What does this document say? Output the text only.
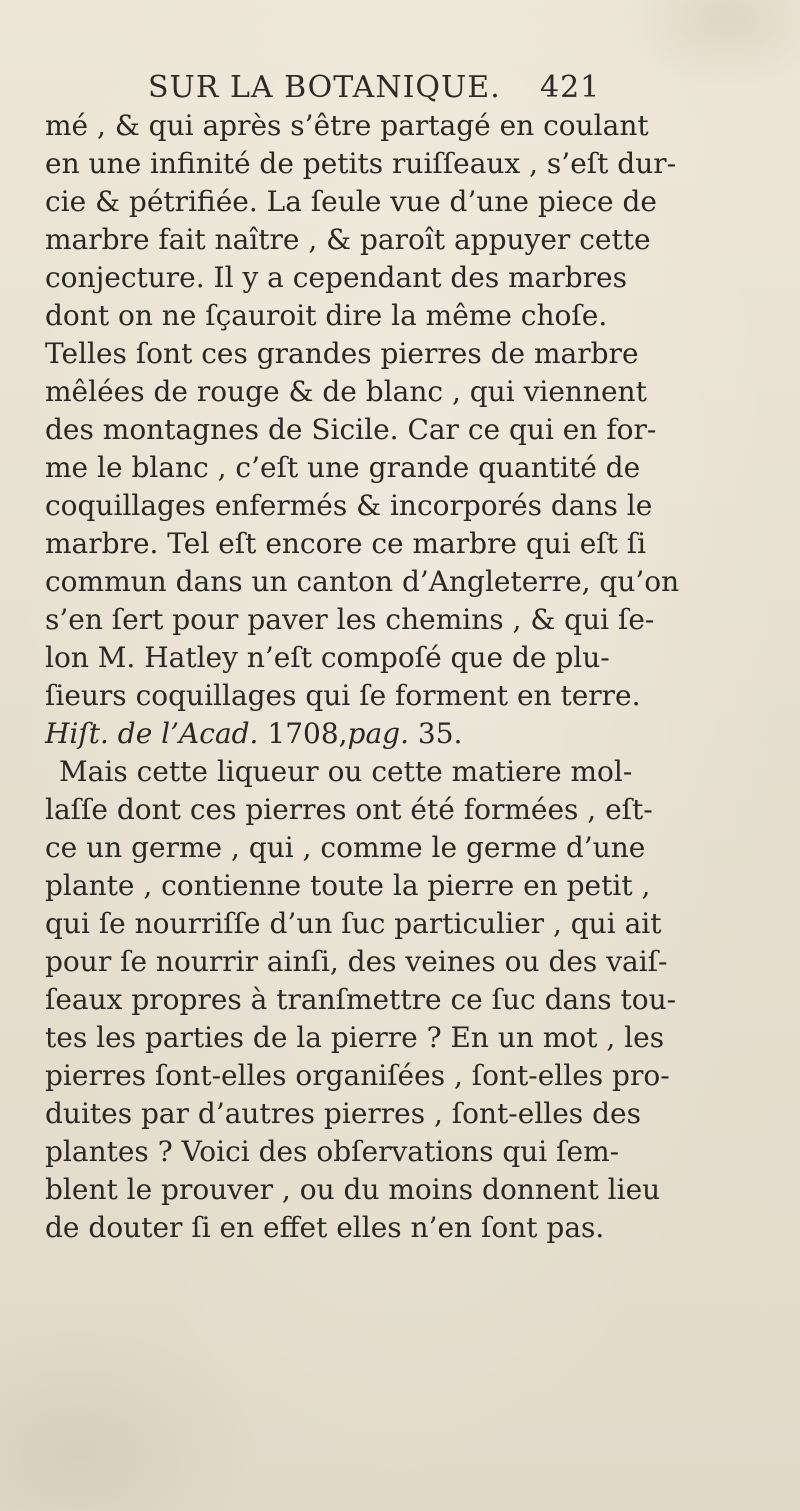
SUR LA BOTANIQUE. 421
mé , & qui après s’être partagé en coulant
en une infinité de petits ruiſſeaux , s’eſt dur-
cie & pétrifiée. La ſeule vue d’une piece de
marbre fait naître , & paroît appuyer cette
conjecture. Il y a cependant des marbres
dont on ne ſçauroit dire la même choſe.
Telles ſont ces grandes pierres de marbre
mêlées de rouge & de blanc , qui viennent
des montagnes de Sicile. Car ce qui en for-
me le blanc , c’eſt une grande quantité de
coquillages enfermés & incorporés dans le
marbre. Tel eſt encore ce marbre qui eſt ſi
commun dans un canton d’Angleterre, qu’on
s’en ſert pour paver les chemins , & qui ſe-
lon M. Hatley n’eſt compoſé que de plu-
ſieurs coquillages qui ſe forment en terre.
Hiſt. de l’Acad. 1708,pag. 35.
Mais cette liqueur ou cette matiere mol-
laſſe dont ces pierres ont été formées , eſt-
ce un germe , qui , comme le germe d’une
plante , contienne toute la pierre en petit ,
qui ſe nourriſſe d’un ſuc particulier , qui ait
pour ſe nourrir ainſi, des veines ou des vaiſ-
ſeaux propres à tranſmettre ce ſuc dans tou-
tes les parties de la pierre ? En un mot , les
pierres ſont-elles organiſées , ſont-elles pro-
duites par d’autres pierres , ſont-elles des
plantes ? Voici des obſervations qui ſem-
blent le prouver , ou du moins donnent lieu
de douter ſi en effet elles n’en ſont pas.
